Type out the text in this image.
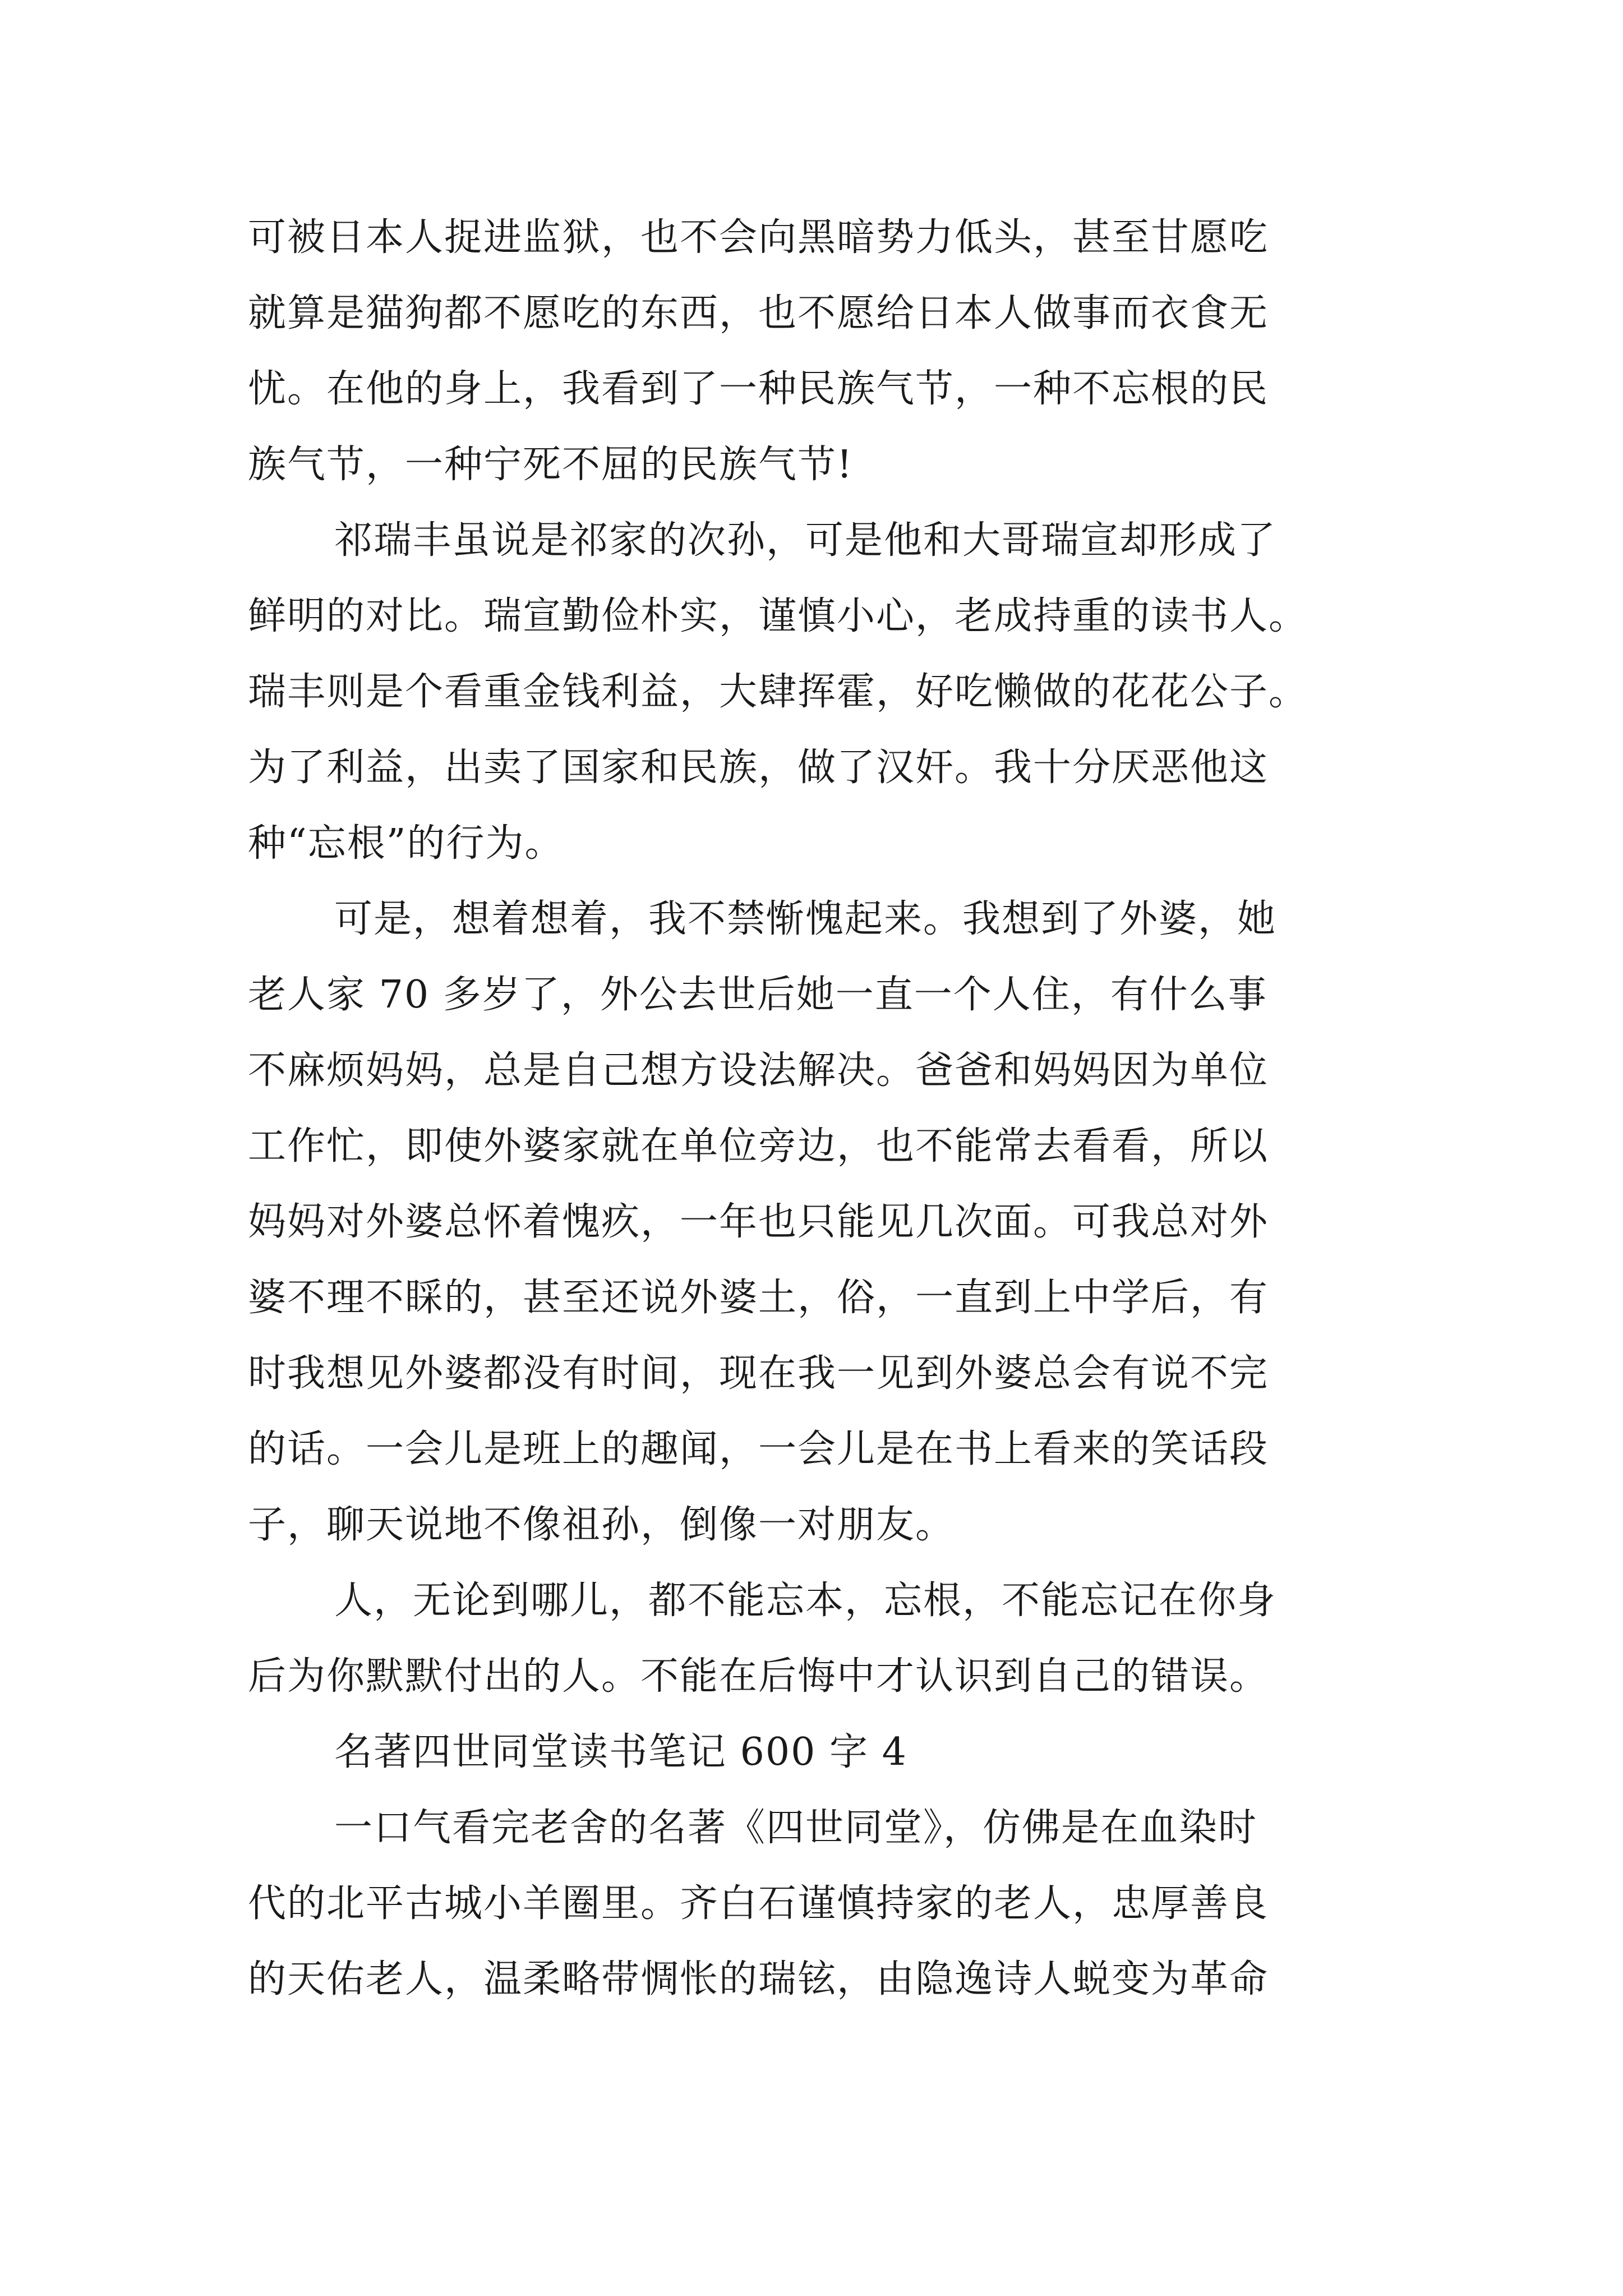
可被日本人捉进监狱，也不会向黑暗势力低头，甚至甘愿吃

就算是猫狗都不愿吃的东西，也不愿给日本人做事而衣食无

忧。在他的身上，我看到了一种民族气节，一种不忘根的民

族气节，一种宁死不屈的民族气节!

祁瑞丰虽说是祁家的次孙，可是他和大哥瑞宣却形成了

鲜明的对比。瑞宣勤俭朴实，谨慎小心，老成持重的读书人。

瑞丰则是个看重金钱利益，大肆挥霍，好吃懒做的花花公子。

为了利益，出卖了国家和民族，做了汉奸。我十分厌恶他这

种“忘根”的行为。

可是，想着想着，我不禁惭愧起来。我想到了外婆，她

老人家 70 多岁了，外公去世后她一直一个人住，有什么事

不麻烦妈妈，总是自己想方设法解决。爸爸和妈妈因为单位

工作忙，即使外婆家就在单位旁边，也不能常去看看，所以

妈妈对外婆总怀着愧疚，一年也只能见几次面。可我总对外

婆不理不睬的，甚至还说外婆土，俗，一直到上中学后，有

时我想见外婆都没有时间，现在我一见到外婆总会有说不完

的话。一会儿是班上的趣闻，一会儿是在书上看来的笑话段

子，聊天说地不像祖孙，倒像一对朋友。

人，无论到哪儿，都不能忘本，忘根，不能忘记在你身

后为你默默付出的人。不能在后悔中才认识到自己的错误。

名著四世同堂读书笔记 600 字 4

一口气看完老舍的名著《四世同堂》，仿佛是在血染时

代的北平古城小羊圈里。齐白石谨慎持家的老人，忠厚善良

的天佑老人，温柔略带惆怅的瑞铉，由隐逸诗人蜕变为革命
